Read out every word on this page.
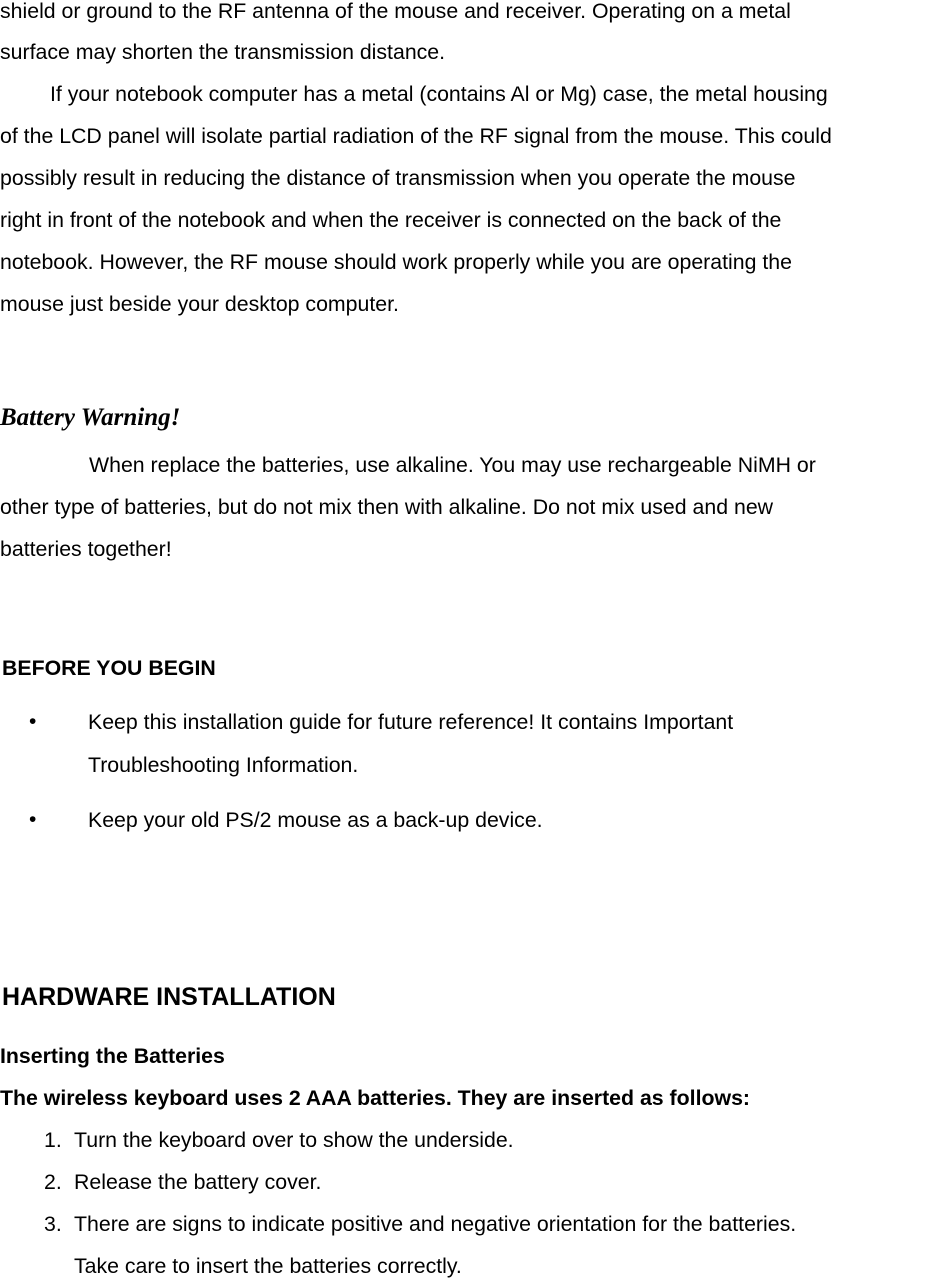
shield or ground to the RF antenna of the mouse and receiver. Operating on a metal
surface may shorten the transmission distance.
If your notebook computer has a metal (contains Al or Mg) case, the metal housing
of the LCD panel will isolate partial radiation of the RF signal from the mouse. This could
possibly result in reducing the distance of transmission when you operate the mouse
right in front of the notebook and when the receiver is connected on the back of the
notebook. However, the RF mouse should work properly while you are operating the
mouse just beside your desktop computer.
Battery Warning!
When replace the batteries, use alkaline. You may use rechargeable NiMH or
other type of batteries, but do not mix then with alkaline. Do not mix used and new
batteries together!
BEFORE YOU BEGIN
• Keep this installation guide for future reference! It contains Important
Troubleshooting Information.
• Keep your old PS/2 mouse as a back-up device.
HARDWARE INSTALLATION
Inserting the Batteries
The wireless keyboard uses 2 AAA batteries. They are inserted as follows:
1. Turn the keyboard over to show the underside.
2. Release the battery cover.
3. There are signs to indicate positive and negative orientation for the batteries.
Take care to insert the batteries correctly.
